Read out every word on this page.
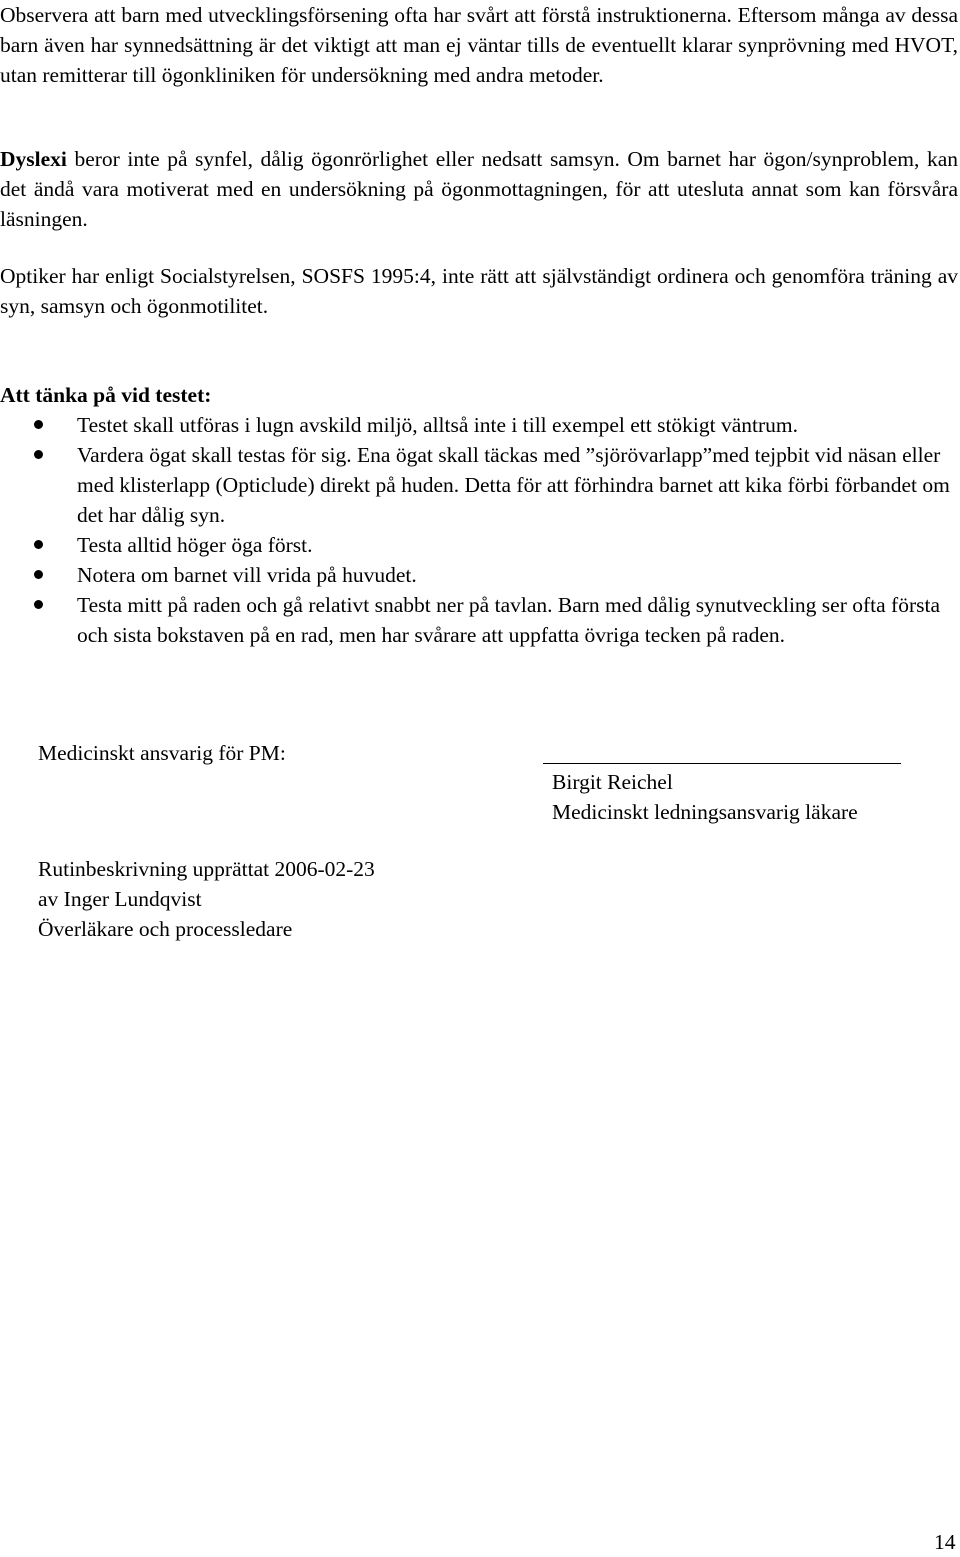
Observera att barn med utvecklingsförsening ofta har svårt att förstå instruktionerna. Eftersom många av dessa barn även har synnedsättning är det viktigt att man ej väntar tills de eventuellt klarar synprövning med HVOT, utan remitterar till ögonkliniken för undersökning med andra metoder.

Dyslexi beror inte på synfel, dålig ögonrörlighet eller nedsatt samsyn. Om barnet har ögon/synproblem, kan det ändå vara motiverat med en undersökning på ögonmottagningen, för att utesluta annat som kan försvåra läsningen.

Optiker har enligt Socialstyrelsen, SOSFS 1995:4, inte rätt att självständigt ordinera och genomföra träning av syn, samsyn och ögonmotilitet.

Att tänka på vid testet:
Testet skall utföras i lugn avskild miljö, alltså inte i till exempel ett stökigt väntrum.
Vardera ögat skall testas för sig. Ena ögat skall täckas med ”sjörövarlapp”med tejpbit vid näsan eller med klisterlapp (Opticlude) direkt på huden. Detta för att förhindra barnet att kika förbi förbandet om det har dålig syn.
Testa alltid höger öga först.
Notera om barnet vill vrida på huvudet.
Testa mitt på raden och gå relativt snabbt ner på tavlan. Barn med dålig synutveckling ser ofta första och sista bokstaven på en rad, men har svårare att uppfatta övriga tecken på raden.
Medicinskt ansvarig för PM:
Birgit Reichel
Medicinskt ledningsansvarig läkare
Rutinbeskrivning upprättat 2006-02-23
av Inger Lundqvist
Överläkare och processledare
14
